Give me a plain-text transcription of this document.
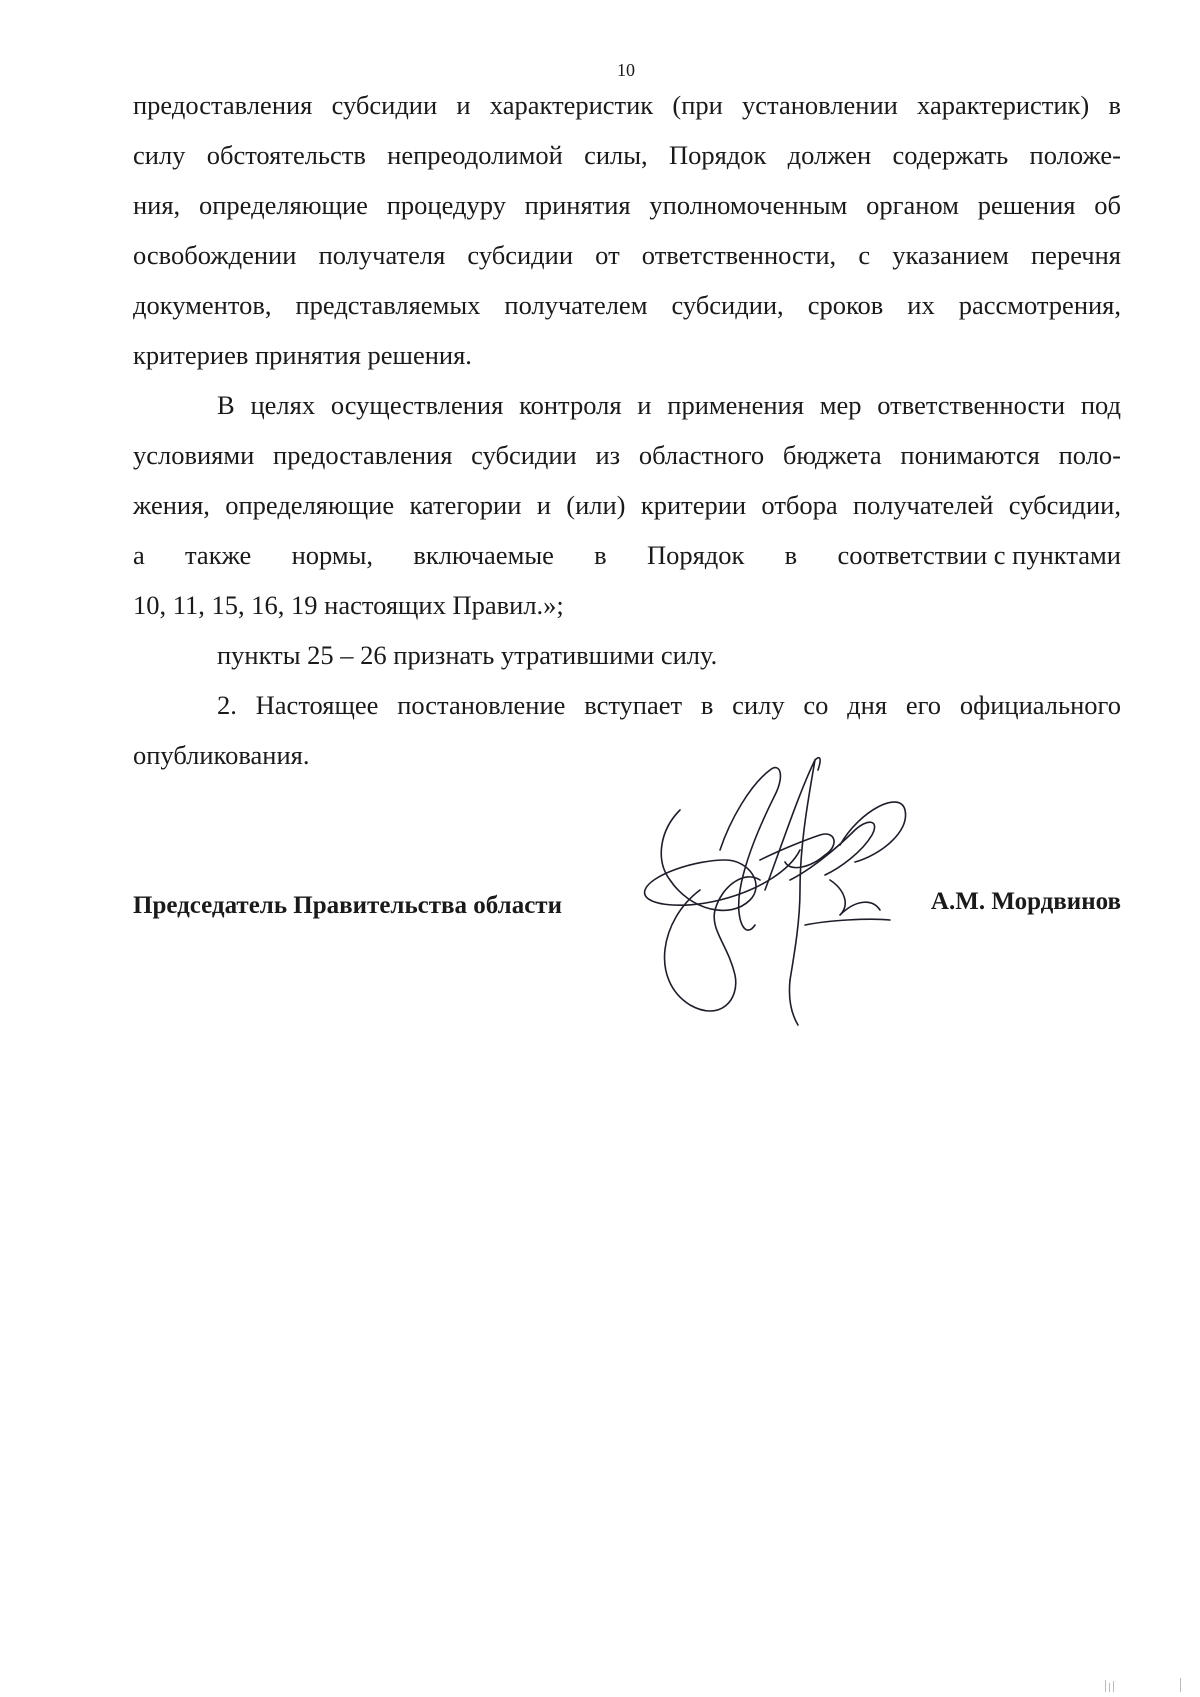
10

предоставления субсидии и характеристик (при установлении характеристик) в
силу обстоятельств непреодолимой силы, Порядок должен содержать положе-
ния, определяющие процедуру принятия уполномоченным органом решения об
освобождении получателя субсидии от ответственности, с указанием перечня
документов, представляемых получателем субсидии, сроков их рассмотрения,
критериев принятия решения.

В целях осуществления контроля и применения мер ответственности под
условиями предоставления субсидии из областного бюджета понимаются поло-
жения, определяющие категории и (или) критерии отбора получателей субсидии,
а также нормы, включаемые в Порядок в соответствии с пунктами
10, 11, 15, 16, 19 настоящих Правил.»;

пункты 25 – 26 признать утратившими силу.

2. Настоящее постановление вступает в силу со дня его официального
опубликования.

Председатель Правительства области	А.М. Мордвинов
